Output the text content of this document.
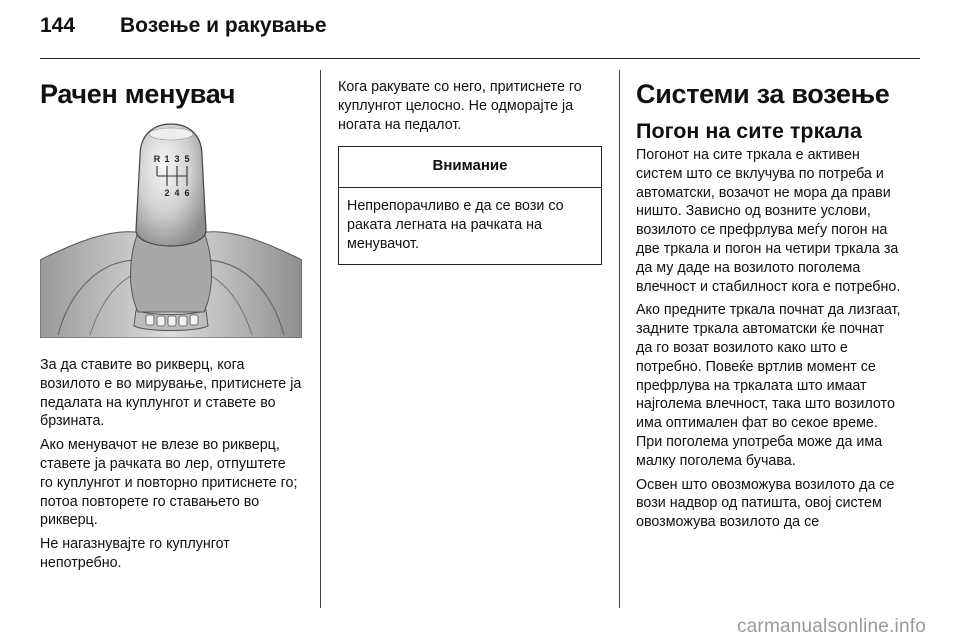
144	Возење и ракување
Рачен менувач
R 1 3 5
2 4 6

За да ставите во рикверц, кога возилото е во мирување, притиснете ја педалата на куплунгот и ставете во брзината.

Ако менувачот не влезе во рикверц, ставете ја рачката во лер, отпуштете го куплунгот и повторно притиснете го; потоа повторете го ставањето во рикверц.

Не нагазнувајте го куплунгот непотребно.

Кога ракувате со него, притиснете го куплунгот целосно. Не одморајте ја ногата на педалот.

Внимание
Непрепорачливо е да се вози со раката легната на рачката на менувачот.
Системи за возење
Погон на сите тркала

Погонот на сите тркала е активен систем што се вклучува по потреба и автоматски, возачот не мора да прави ништо. Зависно од возните услови, возилото се префрлува меѓу погон на две тркала и погон на четири тркала за да му даде на возилото поголема влечност и стабилност кога е потребно.

Ако предните тркала почнат да лизгаат, задните тркала автоматски ќе почнат да го возат возилото како што е потребно. Повеќе вртлив момент се префрлува на тркалата што имаат најголема влечност, така што возилото има оптимален фат во секое време. При поголема употреба може да има малку поголема бучава.

Освен што овозможува возилото да се вози надвор од патишта, овој систем овозможува возилото да се

carmanualsonline.info
